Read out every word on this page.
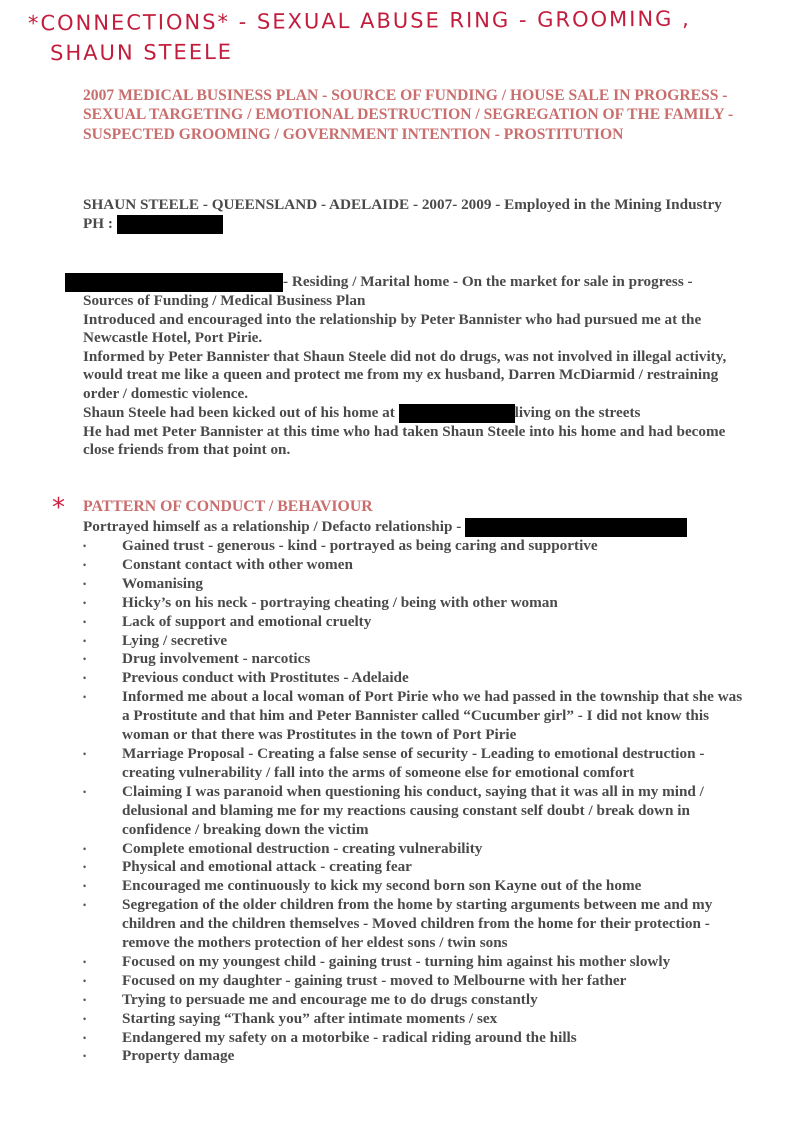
*CONNECTIONS* - SEXUAL ABUSE RING - GROOMING ,
SHAUN STEELE
2007 MEDICAL BUSINESS PLAN - SOURCE OF FUNDING / HOUSE SALE IN PROGRESS - SEXUAL TARGETING / EMOTIONAL DESTRUCTION / SEGREGATION OF THE FAMILY - SUSPECTED GROOMING / GOVERNMENT INTENTION - PROSTITUTION

SHAUN STEELE - QUEENSLAND - ADELAIDE - 2007- 2009 - Employed in the Mining Industry

PH :

- Residing / Marital home - On the market for sale in progress -

Sources of Funding / Medical Business Plan

Introduced and encouraged into the relationship by Peter Bannister who had pursued me at the Newcastle Hotel, Port Pirie.

Informed by Peter Bannister that Shaun Steele did not do drugs, was not involved in illegal activity, would treat me like a queen and protect me from my ex husband, Darren McDiarmid / restraining order / domestic violence.

Shaun Steele had been kicked out of his home at	living on the streets

He had met Peter Bannister at this time who had taken Shaun Steele into his home and had become close friends from that point on.

* PATTERN OF CONDUCT / BEHAVIOUR

Portrayed himself as a relationship / Defacto relationship -

• Gained trust - generous - kind - portrayed as being caring and supportive
• Constant contact with other women
• Womanising
• Hicky’s on his neck - portraying cheating / being with other woman
• Lack of support and emotional cruelty
• Lying / secretive
• Drug involvement - narcotics
• Previous conduct with Prostitutes - Adelaide
• Informed me about a local woman of Port Pirie who we had passed in the township that she was a Prostitute and that him and Peter Bannister called “Cucumber girl” - I did not know this woman or that there was Prostitutes in the town of Port Pirie
• Marriage Proposal - Creating a false sense of security - Leading to emotional destruction - creating vulnerability / fall into the arms of someone else for emotional comfort
• Claiming I was paranoid when questioning his conduct, saying that it was all in my mind / delusional and blaming me for my reactions causing constant self doubt / break down in confidence / breaking down the victim
• Complete emotional destruction - creating vulnerability
• Physical and emotional attack - creating fear
• Encouraged me continuously to kick my second born son Kayne out of the home
• Segregation of the older children from the home by starting arguments between me and my children and the children themselves - Moved children from the home for their protection - remove the mothers protection of her eldest sons / twin sons
• Focused on my youngest child - gaining trust - turning him against his mother slowly
• Focused on my daughter - gaining trust - moved to Melbourne with her father
• Trying to persuade me and encourage me to do drugs constantly
• Starting saying “Thank you” after intimate moments / sex
• Endangered my safety on a motorbike - radical riding around the hills
• Property damage
